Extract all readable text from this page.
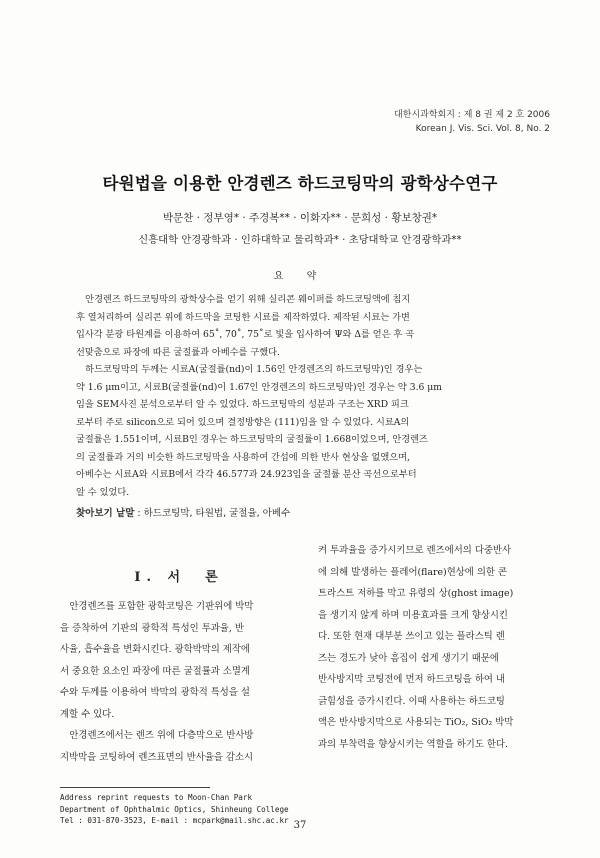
대한시과학회지 : 제 8 권 제 2 호 2006
Korean J. Vis. Sci. Vol. 8, No. 2
타원법을 이용한 안경렌즈 하드코팅막의 광학상수연구
박문찬 · 정부영* · 주경복** · 이화자** · 문희성 · 황보창권*
신흥대학 안경광학과 · 인하대학교 물리학과* · 초당대학교 안경광학과**
요 약

　안경렌즈 하드코팅막의 광학상수를 얻기 위해 실리콘 웨이퍼를 하드코팅액에 침지

후 열처리하여 실리콘 위에 하드막을 코팅한 시료를 제작하였다. 제작된 시료는 가변

입사각 분광 타원계를 이용하여 65˚, 70˚, 75˚로 빛을 입사하여 Ψ와 Δ를 얻은 후 곡

선맞춤으로 파장에 따른 굴절률과 아베수를 구했다.

　하드코팅막의 두께는 시료A(굴절률(nd)이 1.56인 안경렌즈의 하드코팅막)인 경우는

약 1.6 μm이고, 시료B(굴절률(nd)이 1.67인 안경렌즈의 하드코팅막)인 경우는 약 3.6 μm

임을 SEM사진 분석으로부터 알 수 있었다. 하드코팅막의 성분과 구조는 XRD 피크

로부터 주로 silicon으로 되어 있으며 결정방향은 (111)임을 알 수 있었다. 시료A의

굴절률은 1.551이며, 시료B인 경우는 하드코팅막의 굴절률이 1.668이었으며, 안경렌즈

의 굴절률과 거의 비슷한 하드코팅막을 사용하여 간섭에 의한 반사 현상을 없앴으며,

아베수는 시료A와 시료B에서 각각 46.577과 24.923임을 굴절률 분산 곡선으로부터

알 수 있었다.

찾아보기 낱말 : 하드코팅막, 타원법, 굴절율, 아베수
I. 서　론

　안경렌즈를 포함한 광학코팅은 기판위에 박막

을 증착하여 기판의 광학적 특성인 투과율, 반

사율, 흡수율을 변화시킨다. 광학박막의 제작에

서 중요한 요소인 파장에 따른 굴절률과 소멸계

수와 두께를 이용하여 박막의 광학적 특성을 설

계할 수 있다.

　안경렌즈에서는 렌즈 위에 다층막으로 반사방

지박막을 코팅하여 렌즈표면의 반사율을 감소시

켜 투과율을 증가시키므로 렌즈에서의 다중반사

에 의해 발생하는 플레어(flare)현상에 의한 콘

트라스트 저하를 막고 유령의 상(ghost image)

을 생기지 않게 하며 미용효과를 크게 향상시킨

다. 또한 현재 대부분 쓰이고 있는 플라스틱 렌

즈는 경도가 낮아 흠집이 쉽게 생기기 때문에

반사방지막 코팅전에 먼저 하드코팅을 하여 내

긁힘성을 증가시킨다. 이때 사용하는 하드코팅

액은 반사방지막으로 사용되는 TiO₂, SiO₂ 박막

과의 부착력을 향상시키는 역할을 하기도 한다.

Address reprint requests to Moon-Chan Park
Department of Ophthalmic Optics, Shinheung College
Tel : 031-870-3523, E-mail : mcpark@mail.shc.ac.kr 37
